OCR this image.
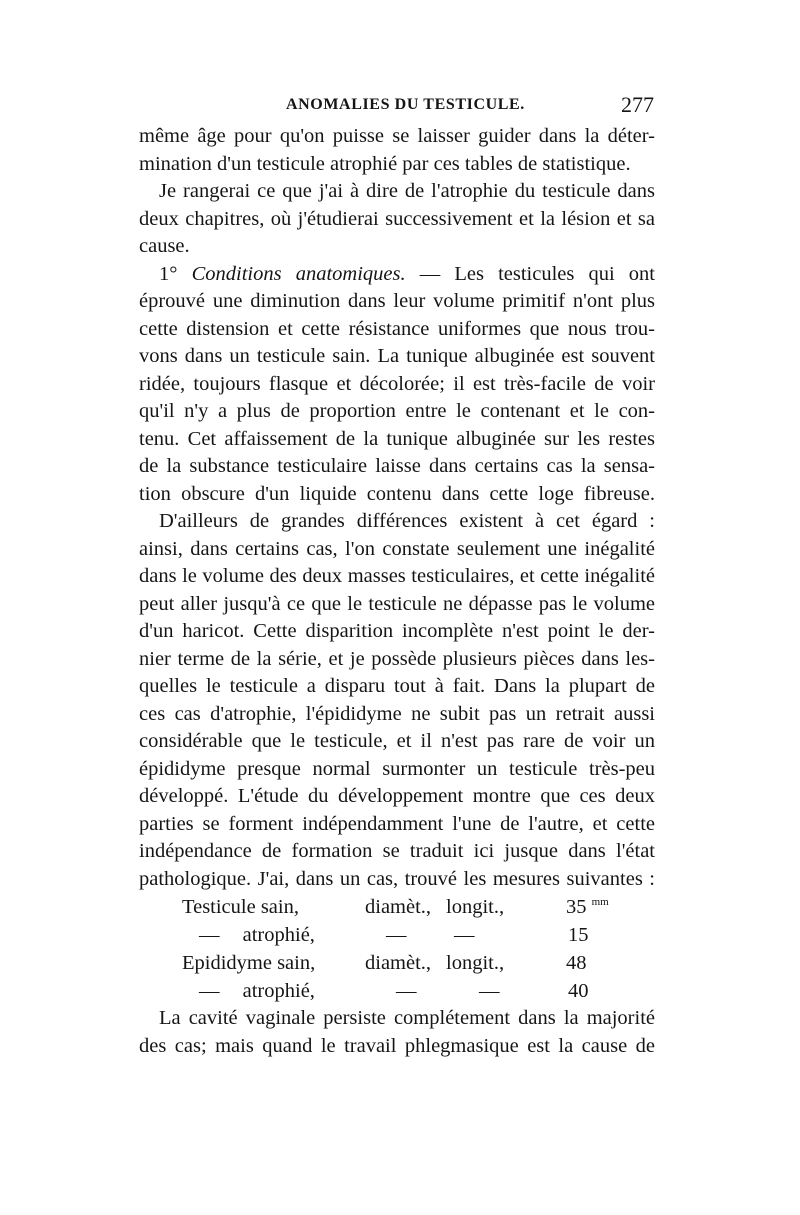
ANOMALIES DU TESTICULE.	277
même âge pour qu'on puisse se laisser guider dans la déter-
mination d'un testicule atrophié par ces tables de statistique.
Je rangerai ce que j'ai à dire de l'atrophie du testicule dans
deux chapitres, où j'étudierai successivement et la lésion et sa
cause.
1° Conditions anatomiques. — Les testicules qui ont
éprouvé une diminution dans leur volume primitif n'ont plus
cette distension et cette résistance uniformes que nous trou-
vons dans un testicule sain. La tunique albuginée est souvent
ridée, toujours flasque et décolorée; il est très-facile de voir
qu'il n'y a plus de proportion entre le contenant et le con-
tenu. Cet affaissement de la tunique albuginée sur les restes
de la substance testiculaire laisse dans certains cas la sensa-
tion obscure d'un liquide contenu dans cette loge fibreuse.
D'ailleurs de grandes différences existent à cet égard :
ainsi, dans certains cas, l'on constate seulement une inégalité
dans le volume des deux masses testiculaires, et cette inégalité
peut aller jusqu'à ce que le testicule ne dépasse pas le volume
d'un haricot. Cette disparition incomplète n'est point le der-
nier terme de la série, et je possède plusieurs pièces dans les-
quelles le testicule a disparu tout à fait. Dans la plupart de
ces cas d'atrophie, l'épididyme ne subit pas un retrait aussi
considérable que le testicule, et il n'est pas rare de voir un
épididyme presque normal surmonter un testicule très-peu
développé. L'étude du développement montre que ces deux
parties se forment indépendamment l'une de l'autre, et cette
indépendance de formation se traduit ici jusque dans l'état
pathologique. J'ai, dans un cas, trouvé les mesures suivantes :
Testicule sain,	diamèt., longit.,	35 $^{mm}$
— atrophié,	— —	15
Epididyme sain, diamèt., longit.,	48
— atrophié,	—	—	40
La cavité vaginale persiste complétement dans la majorité
des cas; mais quand le travail phlegmasique est la cause de
